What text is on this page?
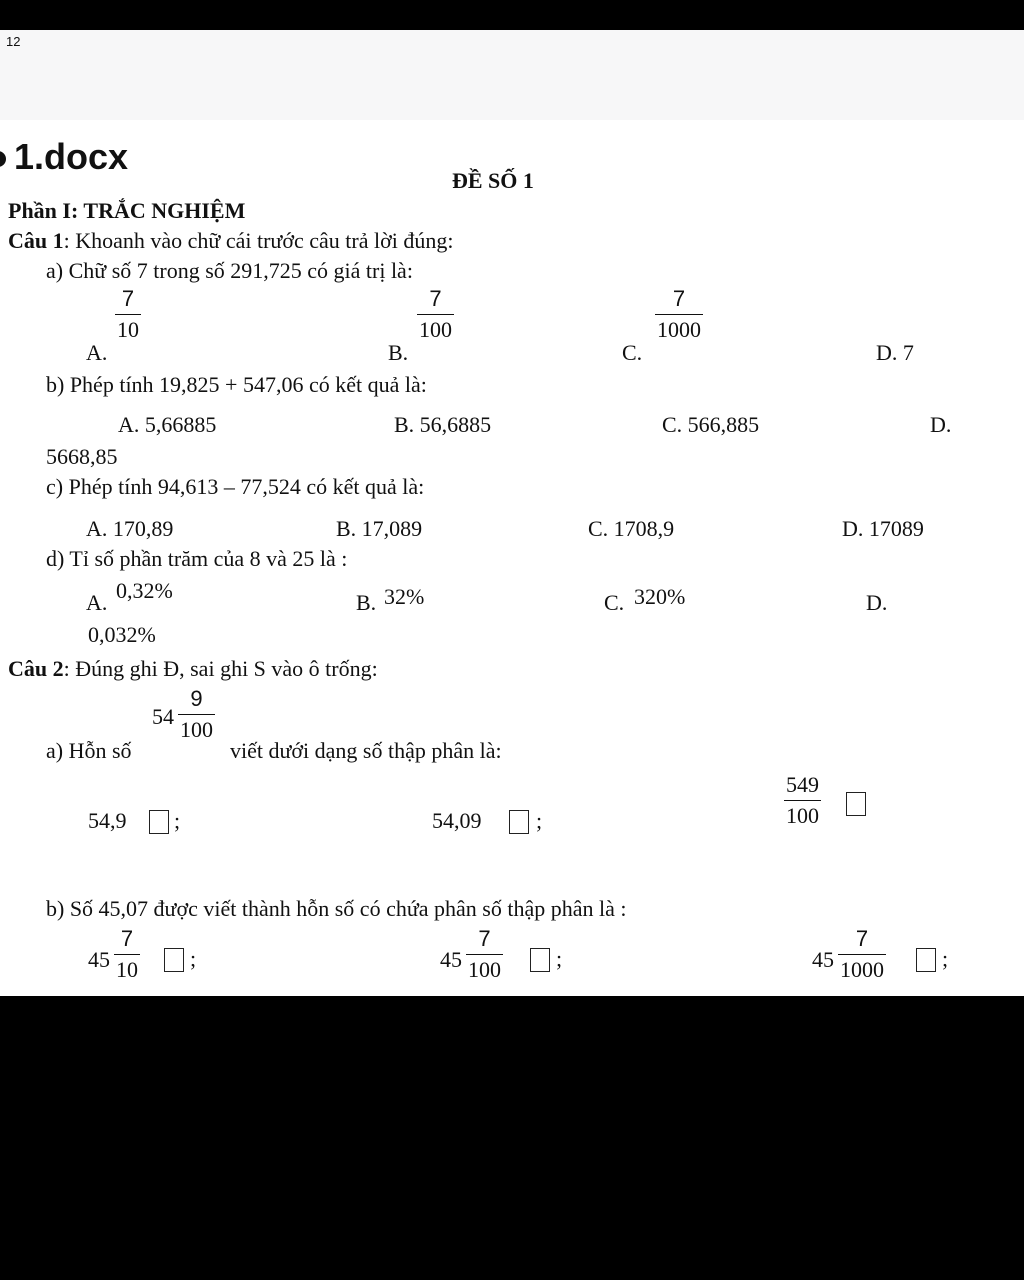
12
1.docx
ĐỀ SỐ 1
Phần I: TRẮC NGHIỆM
Câu 1: Khoanh vào chữ cái trước câu trả lời đúng:
a) Chữ số 7 trong số 291,725 có giá trị là:
A.
$\frac{7}{10}$
B.
$\frac{7}{100}$
C.
$\frac{7}{1000}$
D. 7
b) Phép tính 19,825 + 547,06 có kết quả là:
A. 5,66885	B. 56,6885	C. 566,885	D.
5668,85
c) Phép tính 94,613 – 77,524 có kết quả là:
A. 170,89	B. 17,089	C. 1708,9	D. 17089
d) Tỉ số phần trăm của 8 và 25 là :
A. 0,32%	B. 32%	C. 320%	D.
0,032%
Câu 2: Đúng ghi Đ, sai ghi S vào ô trống:
a) Hỗn số
$54 \frac{9}{100}$
viết dưới dạng số thập phân là:
54,9 ;	54,09 ;	$\frac{549}{100}$
b) Số 45,07 được viết thành hỗn số có chứa phân số thập phân là :
$45 \frac{7}{10}$ ;	$45 \frac{7}{100}$ ;	$45 \frac{7}{1000}$	;
